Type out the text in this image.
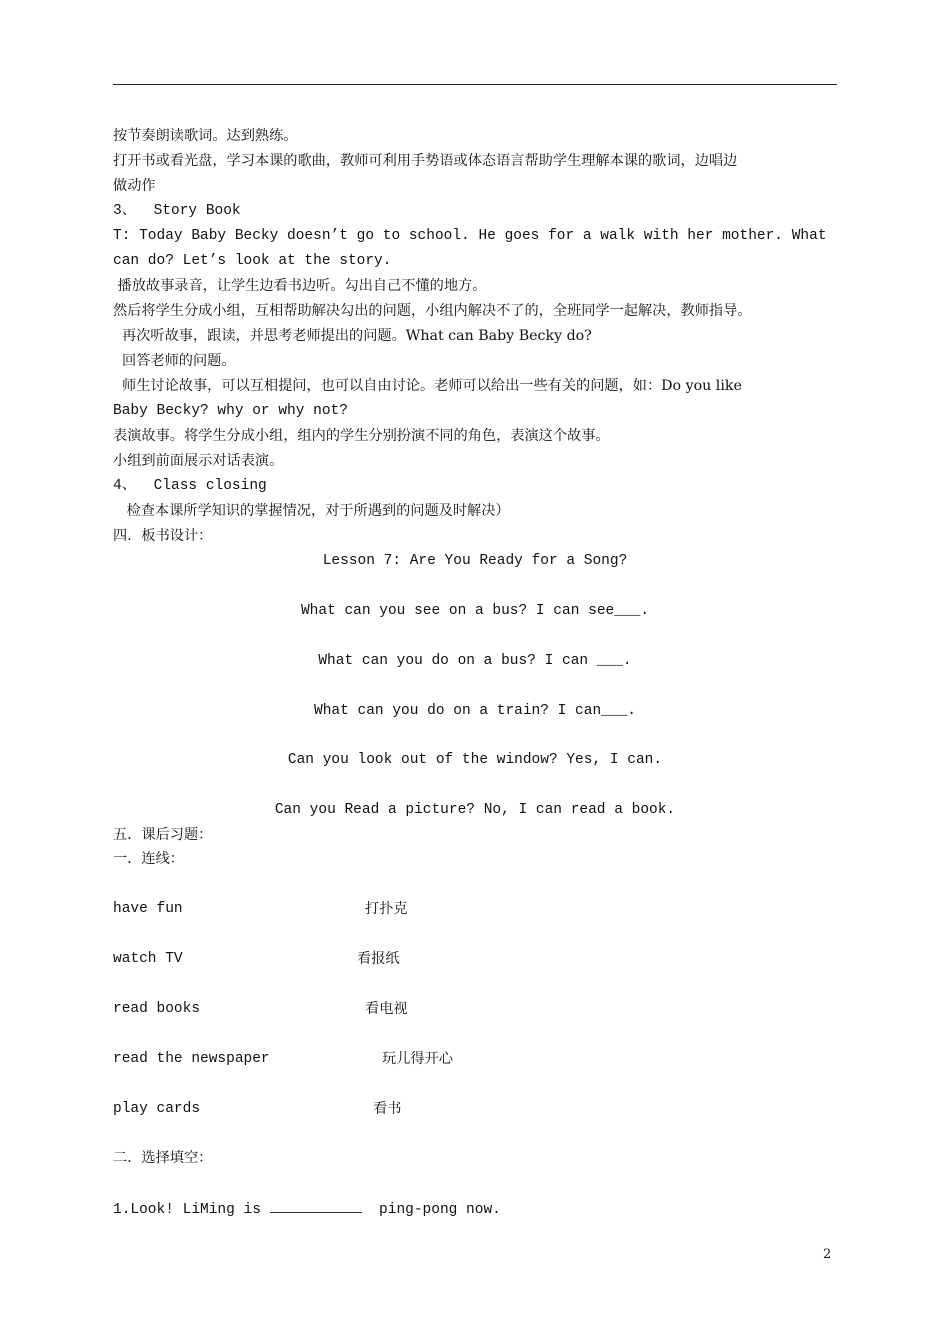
按节奏朗读歌词。达到熟练。
打开书或看光盘，学习本课的歌曲，教师可利用手势语或体态语言帮助学生理解本课的歌词，边唱边
做动作
3、  Story Book
T: Today Baby Becky doesn’t go to school. He goes for a walk with her mother. What
can do? Let’s look at the story.
播放故事录音，让学生边看书边听。勾出自己不懂的地方。
然后将学生分成小组，互相帮助解决勾出的问题，小组内解决不了的，全班同学一起解决，教师指导。
再次听故事，跟读，并思考老师提出的问题。What can Baby Becky do?
回答老师的问题。
师生讨论故事，可以互相提问，也可以自由讨论。老师可以给出一些有关的问题，如：Do you like
Baby Becky? why or why not?
表演故事。将学生分成小组，组内的学生分别扮演不同的角色，表演这个故事。
小组到前面展示对话表演。
4、  Class closing
检查本课所学知识的掌握情况，对于所遇到的问题及时解决）
四．板书设计：
Lesson 7: Are You Ready for a Song?
What can you see on a bus? I can see___.
What can you do on a bus? I can ___.
What can you do on a train? I can___.
Can you look out of the window? Yes, I can.
Can you Read a picture? No, I can read a book.
五．课后习题：
一．连线：
have fun	打扑克
watch TV	看报纸
read books	看电视
read the newspaper	玩儿得开心
play cards	看书
二．选择填空：
1.Look! LiMing is	ping-pong now.
2
